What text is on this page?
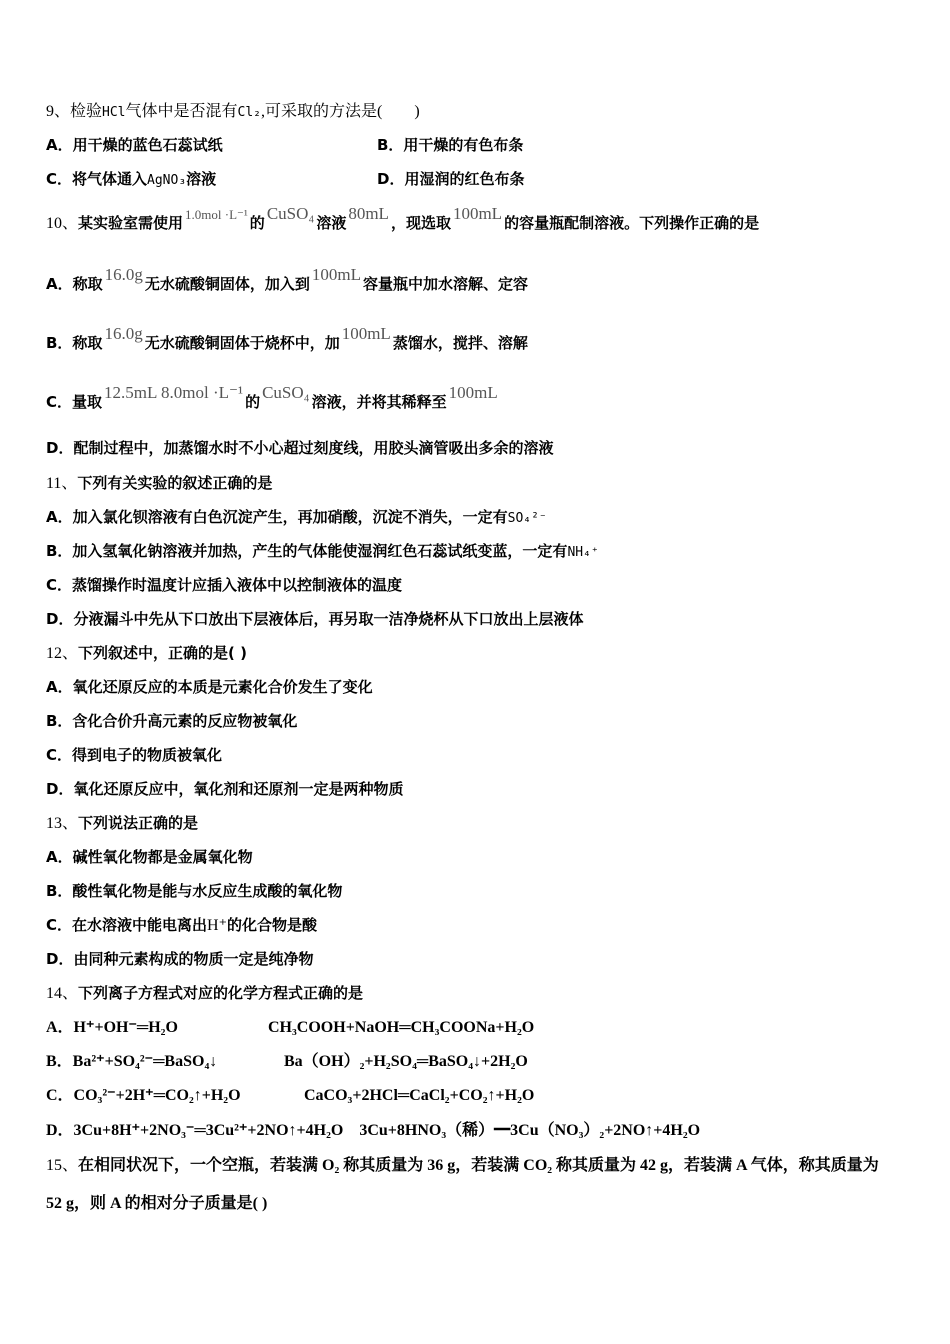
9、检验HCl气体中是否混有Cl₂,可采取的方法是(　　)
A．用干燥的蓝色石蕊试纸	B．用干燥的有色布条
C．将气体通入AgNO₃溶液	D．用湿润的红色布条
10、某实验室需使用 1.0mol ·L⁻¹ 的 CuSO₄ 溶液 80mL ，现选取 100mL 的容量瓶配制溶液。下列操作正确的是
A．称取 16.0g 无水硫酸铜固体，加入到 100mL 容量瓶中加水溶解、定容
B．称取 16.0g 无水硫酸铜固体于烧杯中，加 100mL 蒸馏水，搅拌、溶解
C．量取 12.5mL 8.0mol ·L⁻¹ 的 CuSO₄ 溶液，并将其稀释至 100mL
D．配制过程中，加蒸馏水时不小心超过刻度线，用胶头滴管吸出多余的溶液
11、下列有关实验的叙述正确的是
A．加入氯化钡溶液有白色沉淀产生，再加硝酸，沉淀不消失，一定有SO₄²⁻
B．加入氢氧化钠溶液并加热，产生的气体能使湿润红色石蕊试纸变蓝，一定有NH₄⁺
C．蒸馏操作时温度计应插入液体中以控制液体的温度
D．分液漏斗中先从下口放出下层液体后，再另取一洁净烧杯从下口放出上层液体
12、下列叙述中，正确的是( )
A．氧化还原反应的本质是元素化合价发生了变化
B．含化合价升高元素的反应物被氧化
C．得到电子的物质被氧化
D．氧化还原反应中，氧化剂和还原剂一定是两种物质
13、下列说法正确的是
A．碱性氧化物都是金属氧化物
B．酸性氧化物是能与水反应生成酸的氧化物
C．在水溶液中能电离出H⁺的化合物是酸
D．由同种元素构成的物质一定是纯净物
14、下列离子方程式对应的化学方程式正确的是
A．H⁺+OH⁻═H₂O	CH₃COOH+NaOH═CH₃COONa+H₂O
B．Ba²⁺+SO₄²⁻═BaSO₄↓	Ba（OH）₂+H₂SO₄═BaSO₄↓+2H₂O
C．CO₃²⁻+2H⁺═CO₂↑+H₂O	CaCO₃+2HCl═CaCl₂+CO₂↑+H₂O
D．3Cu+8H⁺+2NO₃⁻═3Cu²⁺+2NO↑+4H₂O　3Cu+8HNO₃（稀）━3Cu（NO₃）₂+2NO↑+4H₂O
15、在相同状况下，一个空瓶，若装满 O₂ 称其质量为 36 g，若装满 CO₂ 称其质量为 42 g，若装满 A 气体，称其质量为
52 g，则 A 的相对分子质量是( )
